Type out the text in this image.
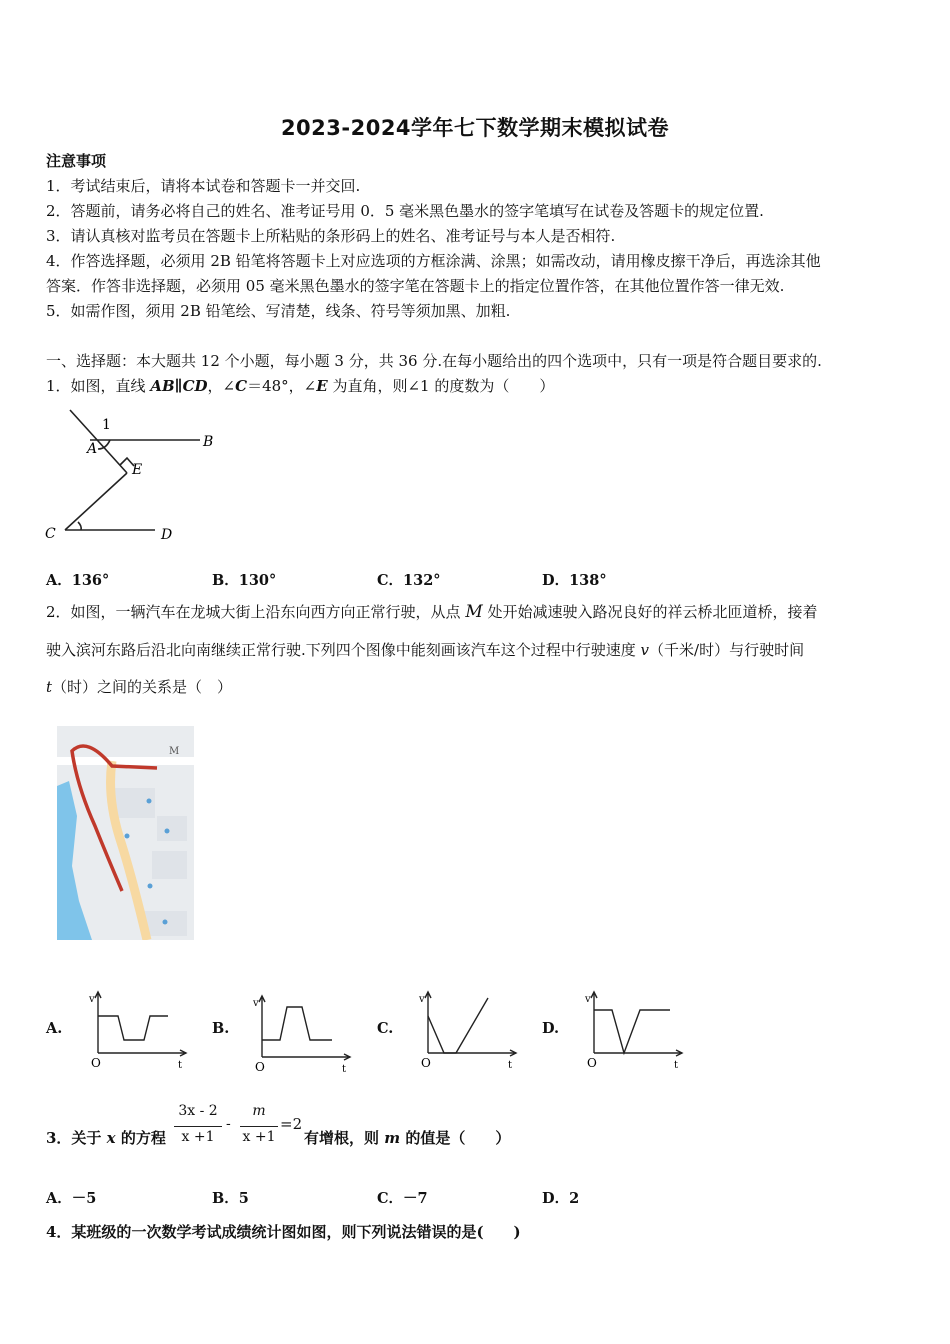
2023-2024学年七下数学期末模拟试卷
注意事项
1．考试结束后，请将本试卷和答题卡一并交回.
2．答题前，请务必将自己的姓名、准考证号用 0．5 毫米黑色墨水的签字笔填写在试卷及答题卡的规定位置.
3．请认真核对监考员在答题卡上所粘贴的条形码上的姓名、准考证号与本人是否相符.
4．作答选择题，必须用 2B 铅笔将答题卡上对应选项的方框涂满、涂黑；如需改动，请用橡皮擦干净后，再选涂其他
答案．作答非选择题，必须用 05 毫米黑色墨水的签字笔在答题卡上的指定位置作答，在其他位置作答一律无效.
5．如需作图，须用 2B 铅笔绘、写清楚，线条、符号等须加黑、加粗.
一、选择题：本大题共 12 个小题，每小题 3 分，共 36 分.在每小题给出的四个选项中，只有一项是符合题目要求的.
1．如图，直线 AB∥CD，∠C＝48°，∠E 为直角，则∠1 的度数为（　　）
1
A	B
E
C	D
A．136°	B．130°	C．132°	D．138°
2．如图，一辆汽车在龙城大街上沿东向西方向正常行驶，从点 M 处开始减速驶入路况良好的祥云桥北匝道桥，接着
驶入滨河东路后沿北向南继续正常行驶.下列四个图像中能刻画该汽车这个过程中行驶速度 v（千米/时）与行驶时间
t（时）之间的关系是（　）
M
A.
v
O	t
B.
v
O	t
C.
v
O	t
D.
v
O	t
3．关于 x 的方程
3x - 2
x +1
-
m
x +1
=2
有增根，则 m 的值是（　　）
A．－5	B．5	C．－7	D．2
4．某班级的一次数学考试成绩统计图如图，则下列说法错误的是(　　)
